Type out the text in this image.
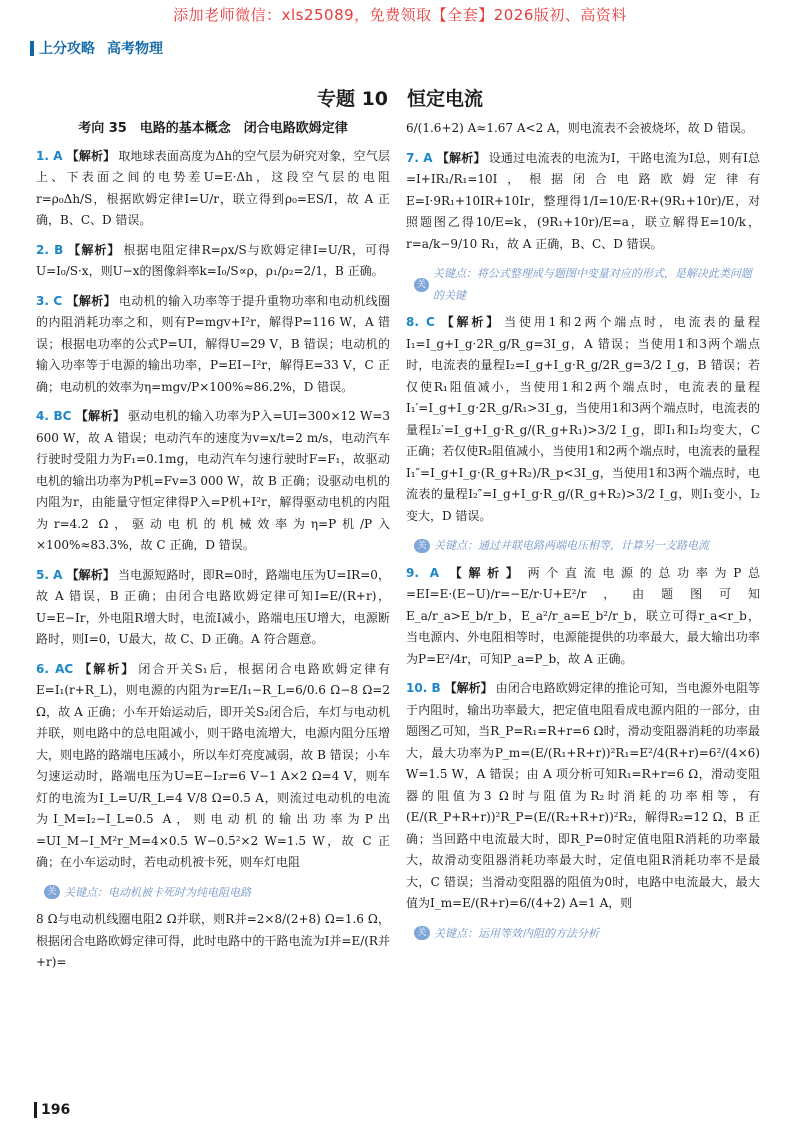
添加老师微信：xls25089，免费领取【全套】2026版初、高资料
上分攻略 高考物理
专题 10　恒定电流
考向 35　电路的基本概念　闭合电路欧姆定律
1. A 【解析】 取地球表面高度为Δh的空气层为研究对象，空气层上、下表面之间的电势差U=E·Δh，这段空气层的电阻r=ρ₀Δh/S，根据欧姆定律I=U/r，联立得到ρ₀=ES/I，故 A 正确，B、C、D 错误。
2. B 【解析】 根据电阻定律R=ρx/S与欧姆定律I=U/R，可得U=I₀/S·x，则U−x的图像斜率k=I₀/S∝ρ，ρ₁/ρ₂=2/1，B 正确。
3. C 【解析】 电动机的输入功率等于提升重物功率和电动机线圈的内阻消耗功率之和，则有P=mgv+I²r，解得P=116 W，A 错误；根据电功率的公式P=UI，解得U=29 V，B 错误；电动机的输入功率等于电源的输出功率，P=EI−I²r，解得E=33 V，C 正确；电动机的效率为η=mgv/P×100%≈86.2%，D 错误。
4. BC 【解析】 驱动电机的输入功率为P入=UI=300×12 W=3 600 W，故 A 错误；电动汽车的速度为v=x/t=2 m/s，电动汽车行驶时受阻力为F₁=0.1mg，电动汽车匀速行驶时F=F₁，故驱动电机的输出功率为P机=Fv=3 000 W，故 B 正确；设驱动电机的内阻为r，由能量守恒定律得P入=P机+I²r，解得驱动电机的内阻为r=4.2 Ω，驱动电机的机械效率为η=P机/P入×100%≈83.3%，故 C 正确，D 错误。
5. A 【解析】 当电源短路时，即R=0时，路端电压为U=IR=0，故 A 错误，B 正确；由闭合电路欧姆定律可知I=E/(R+r)，U=E−Ir，外电阻R增大时，电流I减小，路端电压U增大，电源断路时，则I=0，U最大，故 C、D 正确。A 符合题意。
6. AC 【解析】 闭合开关S₁后，根据闭合电路欧姆定律有E=I₁(r+R_L)，则电源的内阻为r=E/I₁−R_L=6/0.6 Ω−8 Ω=2 Ω，故 A 正确；小车开始运动后，即开关S₂闭合后，车灯与电动机并联，则电路中的总电阻减小，则干路电流增大，电源内阻分压增大，则电路的路端电压减小，所以车灯亮度减弱，故 B 错误；小车匀速运动时，路端电压为U=E−I₂r=6 V−1 A×2 Ω=4 V，则车灯的电流为I_L=U/R_L=4 V/8 Ω=0.5 A，则流过电动机的电流为I_M=I₂−I_L=0.5 A，则电动机的输出功率为P出=UI_M−I_M²r_M=4×0.5 W−0.5²×2 W=1.5 W，故 C 正确；在小车运动时，若电动机被卡死，则车灯电阻
关 关键点：电动机被卡死时为纯电阻电路
8 Ω与电动机线圈电阻2 Ω并联，则R并=2×8/(2+8) Ω=1.6 Ω，根据闭合电路欧姆定律可得，此时电路中的干路电流为I并=E/(R并+r)=
6/(1.6+2) A≈1.67 A<2 A，则电流表不会被烧坏，故 D 错误。
7. A 【解析】 设通过电流表的电流为I，干路电流为I总，则有I总=I+IR₁/R₁=10I，根据闭合电路欧姆定律有E=I·9R₁+10IR+10Ir，整理得1/I=10/E·R+(9R₁+10r)/E，对照题图乙得10/E=k，(9R₁+10r)/E=a，联立解得E=10/k，r=a/k−9/10 R₁，故 A 正确，B、C、D 错误。
关
关键点：将公式整理成与题图中变量对应的形式，是解决此类问题的关键
8. C 【解析】 当使用1和2两个端点时，电流表的量程I₁=I_g+I_g·2R_g/R_g=3I_g，A 错误；当使用1和3两个端点时，电流表的量程I₂=I_g+I_g·R_g/2R_g=3/2 I_g，B 错误；若仅使R₁阻值减小，当使用1和2两个端点时，电流表的量程I₁′=I_g+I_g·2R_g/R₁>3I_g，当使用1和3两个端点时，电流表的量程I₂′=I_g+I_g·R_g/(R_g+R₁)>3/2 I_g，即I₁和I₂均变大，C 正确；若仅使R₂阻值减小，当使用1和2两个端点时，电流表的量程I₁″=I_g+I_g·(R_g+R₂)/R_p<3I_g，当使用1和3两个端点时，电流表的量程I₂″=I_g+I_g·R_g/(R_g+R₂)>3/2 I_g，则I₁变小，I₂变大，D 错误。
关 关键点：通过并联电路两端电压相等，计算另一支路电流
9. A 【解析】 两个直流电源的总功率为P总=EI=E·(E−U)/r=−E/r·U+E²/r，由题图可知E_a/r_a>E_b/r_b，E_a²/r_a=E_b²/r_b，联立可得r_a<r_b，当电源内、外电阻相等时，电源能提供的功率最大，最大输出功率为P=E²/4r，可知P_a=P_b，故 A 正确。
10. B 【解析】 由闭合电路欧姆定律的推论可知，当电源外电阻等于内阻时，输出功率最大，把定值电阻看成电源内阻的一部分，由题图乙可知，当R_P=R₁=R+r=6 Ω时，滑动变阻器消耗的功率最大，最大功率为P_m=(E/(R₁+R+r))²R₁=E²/4(R+r)=6²/(4×6) W=1.5 W，A 错误；由 A 项分析可知R₁=R+r=6 Ω，滑动变阻器的阻值为3 Ω时与阻值为R₂时消耗的功率相等，有(E/(R_P+R+r))²R_P=(E/(R₂+R+r))²R₂，解得R₂=12 Ω，B 正确；当回路中电流最大时，即R_P=0时定值电阻R消耗的功率最大，故滑动变阻器消耗功率最大时，定值电阻R消耗功率不是最大，C 错误；当滑动变阻器的阻值为0时，电路中电流最大，最大值为I_m=E/(R+r)=6/(4+2) A=1 A，则
关 关键点：运用等效内阻的方法分析
196
